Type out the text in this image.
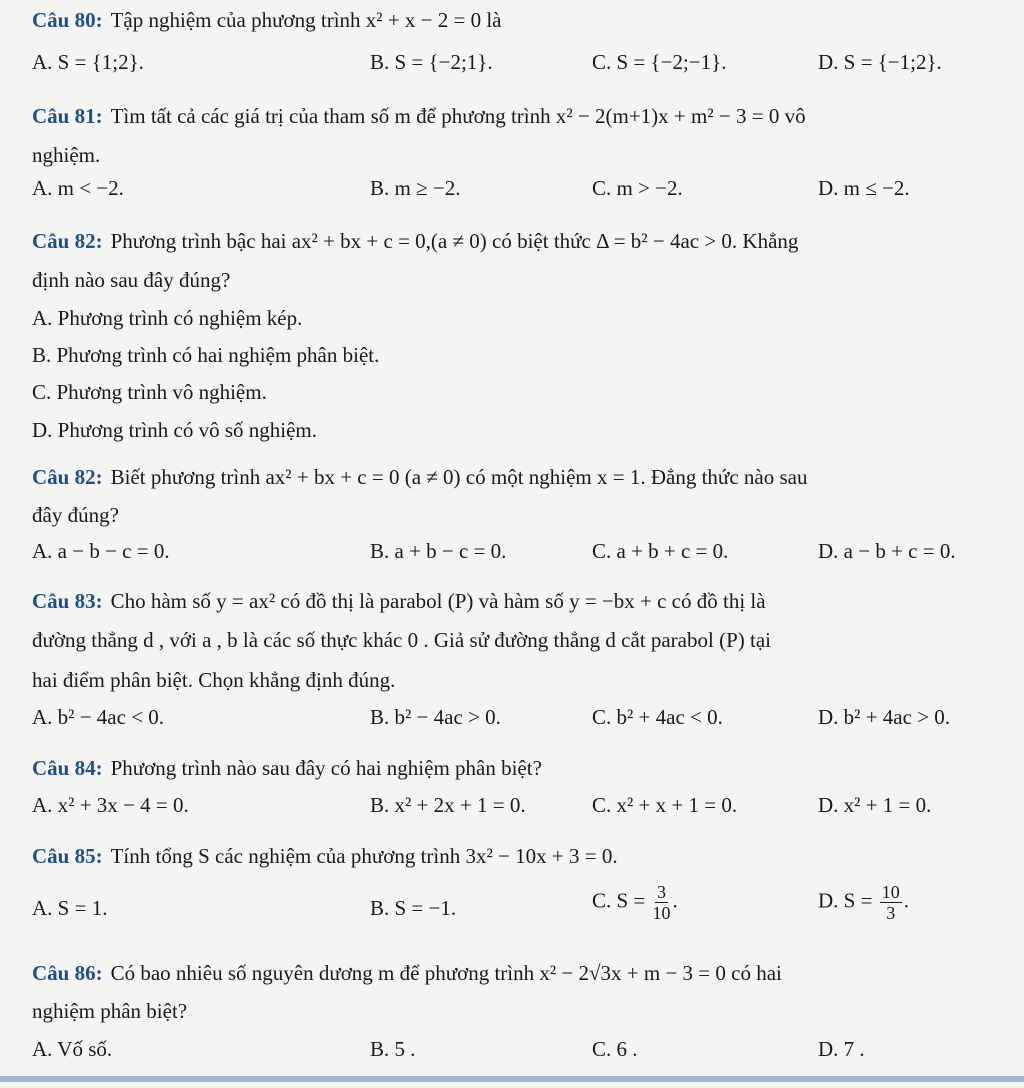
Câu 80: Tập nghiệm của phương trình x² + x − 2 = 0 là
A. S = {1;2}.	B. S = {−2;1}.	C. S = {−2;−1}.	D. S = {−1;2}.
Câu 81: Tìm tất cả các giá trị của tham số m để phương trình x² − 2(m+1)x + m² − 3 = 0 vô
nghiệm.
A. m < −2.	B. m ≥ −2.	C. m > −2.	D. m ≤ −2.
Câu 82: Phương trình bậc hai ax² + bx + c = 0,(a ≠ 0) có biệt thức Δ = b² − 4ac > 0. Khẳng
định nào sau đây đúng?
A. Phương trình có nghiệm kép.
B. Phương trình có hai nghiệm phân biệt.
C. Phương trình vô nghiệm.
D. Phương trình có vô số nghiệm.
Câu 82: Biết phương trình ax² + bx + c = 0 (a ≠ 0) có một nghiệm x = 1. Đẳng thức nào sau
đây đúng?
A. a − b − c = 0.	B. a + b − c = 0.	C. a + b + c = 0.	D. a − b + c = 0.
Câu 83: Cho hàm số y = ax² có đồ thị là parabol (P) và hàm số y = −bx + c có đồ thị là
đường thẳng d , với a , b là các số thực khác 0 . Giả sử đường thẳng d cắt parabol (P) tại
hai điểm phân biệt. Chọn khẳng định đúng.
A. b² − 4ac < 0.	B. b² − 4ac > 0.	C. b² + 4ac < 0.	D. b² + 4ac > 0.
Câu 84: Phương trình nào sau đây có hai nghiệm phân biệt?
A. x² + 3x − 4 = 0.	B. x² + 2x + 1 = 0.	C. x² + x + 1 = 0.	D. x² + 1 = 0.
Câu 85: Tính tổng S các nghiệm của phương trình 3x² − 10x + 3 = 0.
A. S = 1.	B. S = −1.	C. $S = \frac{3}{10}$ .	D. $S = \frac{10}{3}$ .
Câu 86: Có bao nhiêu số nguyên dương m để phương trình x² − 2√3x + m − 3 = 0 có hai
nghiệm phân biệt?
A. Vố số.	B. 5 .	C. 6 .	D. 7 .
